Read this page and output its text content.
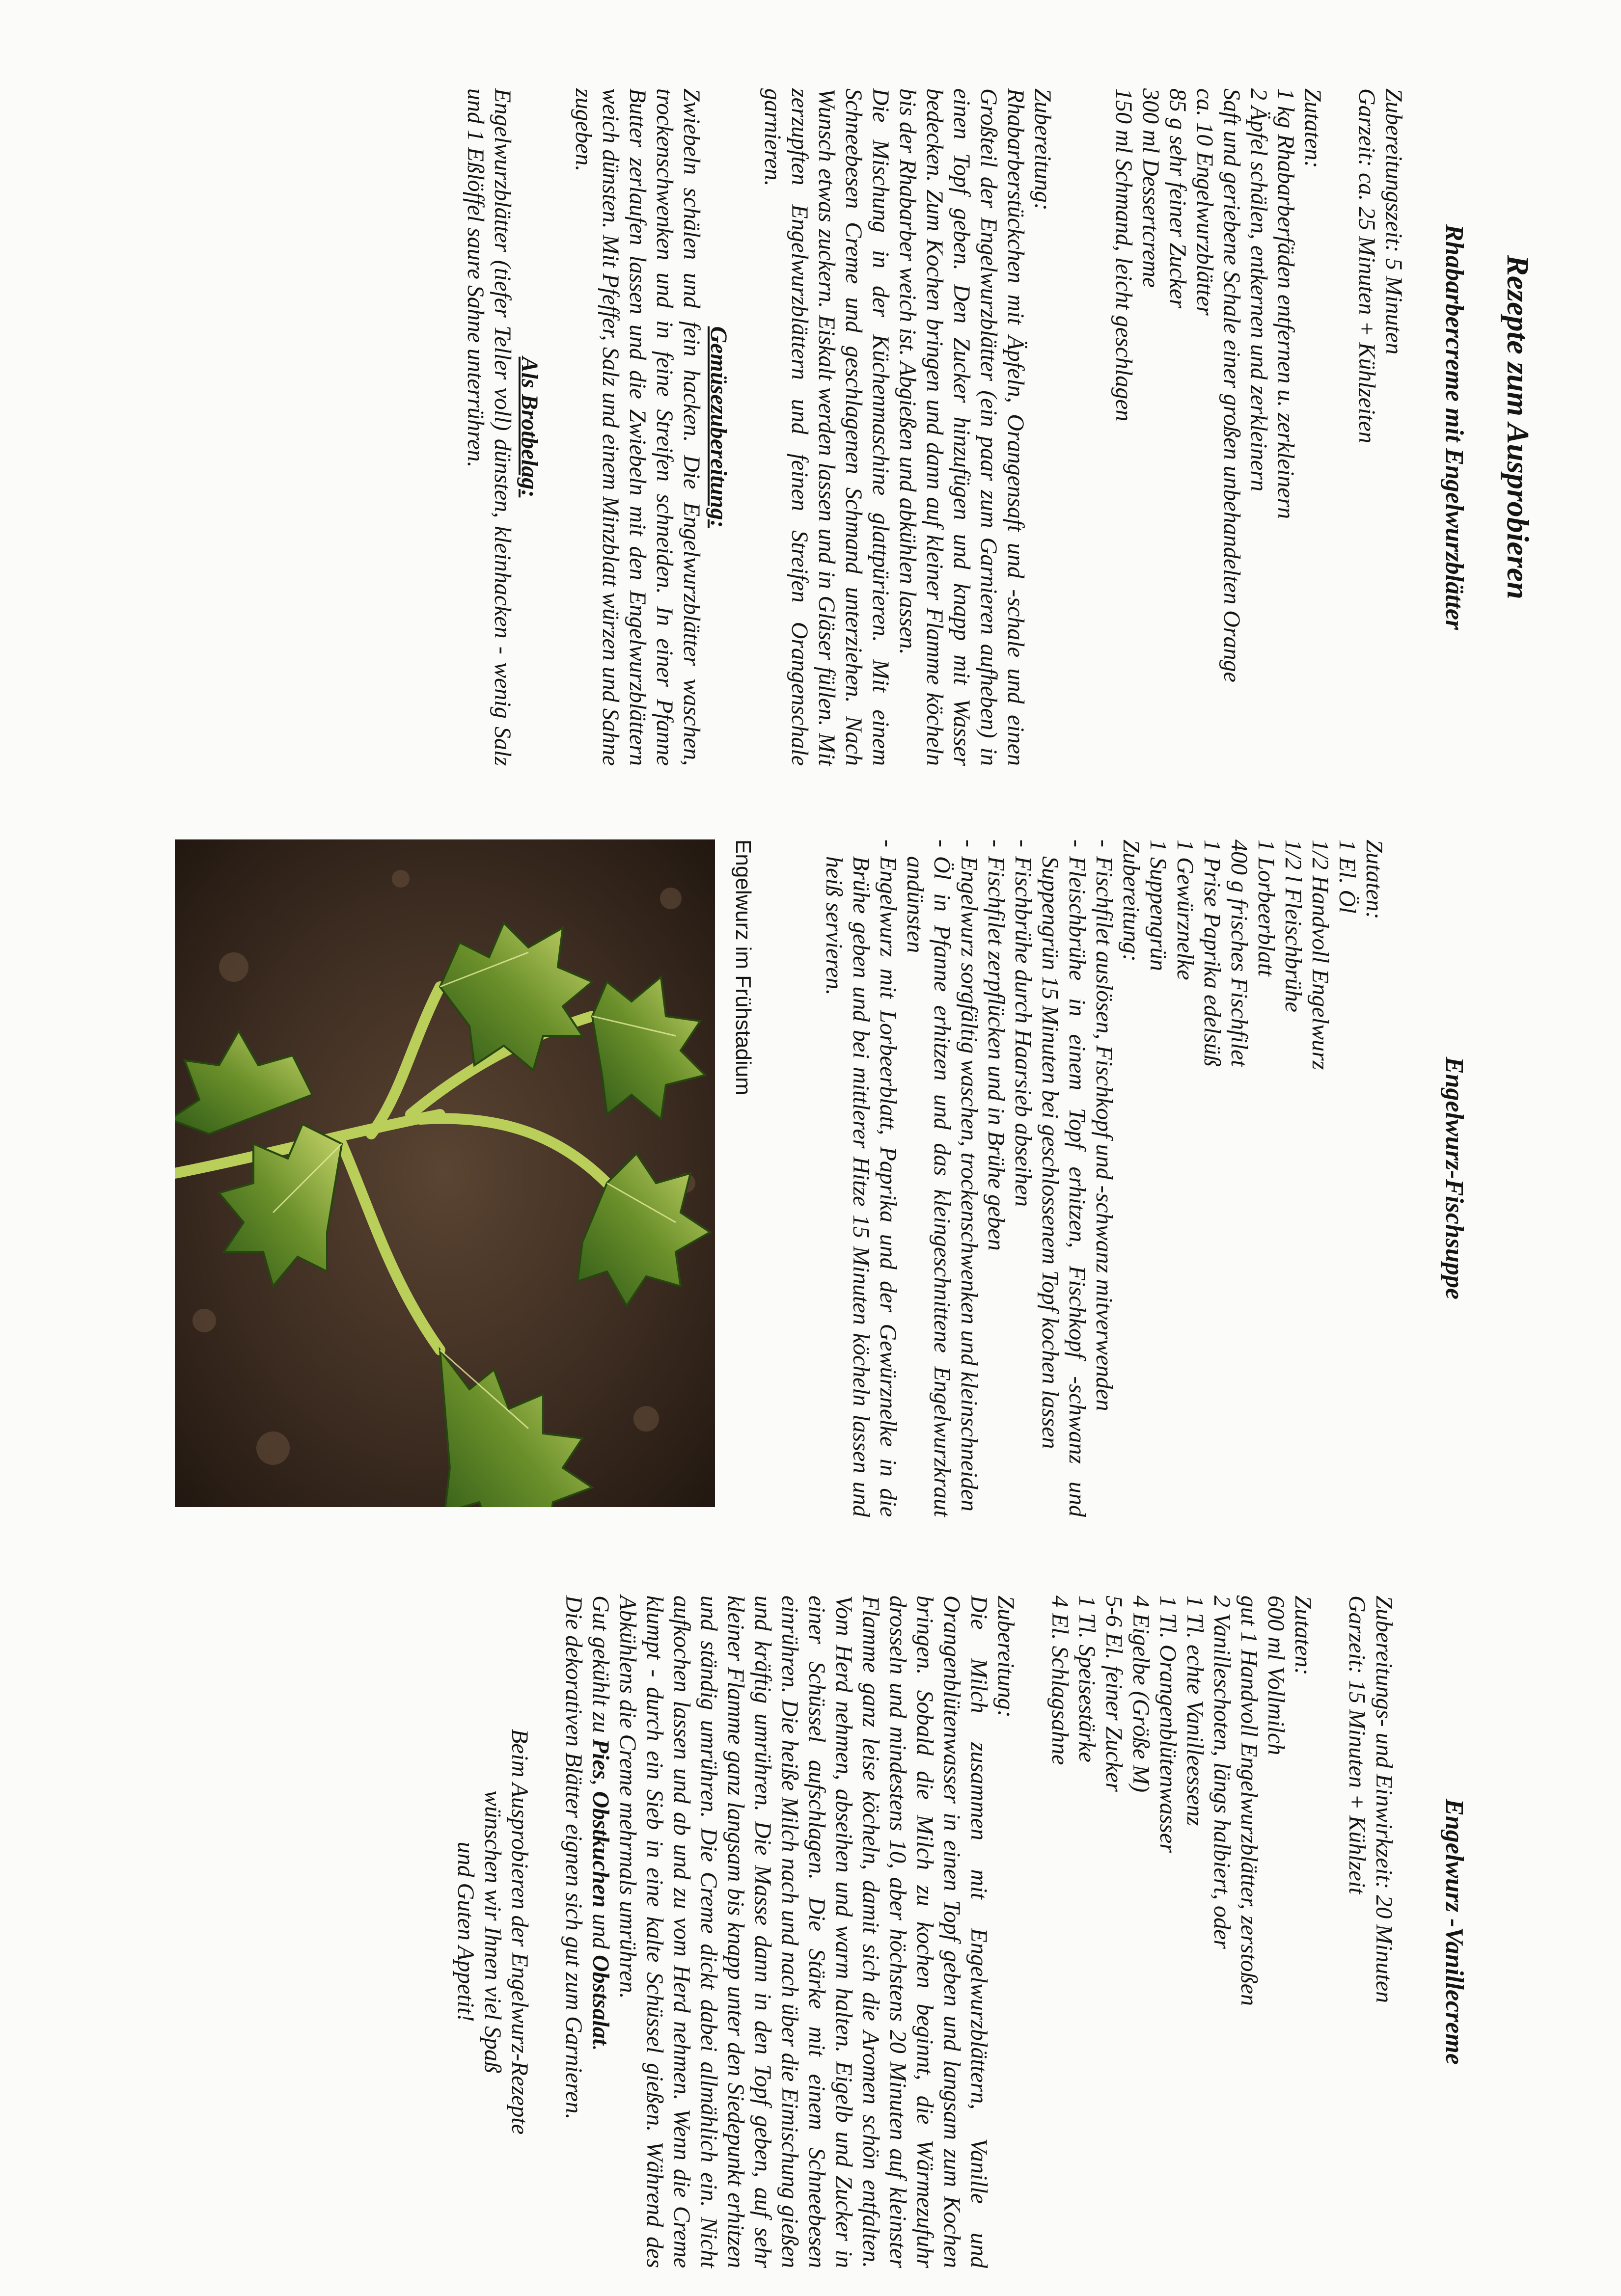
Rezepte zum Ausprobieren
Rhabarbercreme mit Engelwurzblätter

Zubereitungszeit: 5 Minuten

Garzeit: ca. 25 Minuten + Kühlzeiten

Zutaten:

1 kg Rhabarberfäden entfernen u. zerkleinern
2 Äpfel schälen, entkernen und zerkleinern
Saft und geriebene Schale einer großen unbehandelten Orange
ca. 10 Engelwurzblätter
85 g sehr feiner Zucker
300 ml Dessertcreme
150 ml Schmand, leicht geschlagen

Zubereitung:

Rhabarberstückchen mit Äpfeln, Orangensaft und -schale und einen Großteil der Engelwurzblätter (ein paar zum Garnieren aufheben) in einen Topf geben. Den Zucker hinzufügen und knapp mit Wasser bedecken. Zum Kochen bringen und dann auf kleiner Flamme köcheln bis der Rhabarber weich ist. Abgießen und abkühlen lassen.

Die Mischung in der Küchenmaschine glattpürieren. Mit einem Schneebesen Creme und geschlagenen Schmand unterziehen. Nach Wunsch etwas zuckern. Eiskalt werden lassen und in Gläser füllen. Mit zerzupften Engelwurzblättern und feinen Streifen Orangenschale garnieren.

Gemüsezubereitung:

Zwiebeln schälen und fein hacken. Die Engelwurzblätter waschen, trockenschwenken und in feine Streifen schneiden. In einer Pfanne Butter zerlaufen lassen und die Zwiebeln mit den Engelwurzblättern weich dünsten. Mit Pfeffer, Salz und einem Minzblatt würzen und Sahne zugeben.

Als Brotbelag:

Engelwurzblätter (tiefer Teller voll) dünsten, kleinhacken - wenig Salz und 1 Eßlöffel saure Sahne unterrühren.

Engelwurz-Fischsuppe

Zutaten:

1 El. Öl
1/2 Handvoll Engelwurz
1/2 l Fleischbrühe
1 Lorbeerblatt
400 g frisches Fischfilet
1 Prise Paprika edelsüß
1 Gewürznelke
1 Suppengrün

Zubereitung:

- Fischfilet auslösen, Fischkopf und -schwanz mitverwenden
- Fleischbrühe in einem Topf erhitzen, Fischkopf -schwanz und Suppengrün 15 Minuten bei geschlossenem Topf kochen lassen
- Fischbrühe durch Haarsieb abseihen
- Fischfilet zerpflücken und in Brühe geben
- Engelwurz sorgfältig waschen, trockenschwenken und kleinschneiden
- Öl in Pfanne erhitzen und das kleingeschnittene Engelwurzkraut andünsten
- Engelwurz mit Lorbeerblatt, Paprika und der Gewürznelke in die Brühe geben und bei mittlerer Hitze 15 Minuten köcheln lassen und heiß servieren.
Engelwurz im Frühstadium
Engelwurz -Vanillecreme

Zubereitungs- und Einwirkzeit: 20 Minuten

Garzeit: 15 Minuten + Kühlzeit

Zutaten:

600 ml Vollmilch
gut 1 Handvoll Engelwurzblätter, zerstoßen
2 Vanilleschoten, längs halbiert, oder
1 Tl. echte Vanilleessenz
1 Tl. Orangenblütenwasser
4 Eigelbe (Größe M)
5-6 El. feiner Zucker
1 Tl. Speisestärke
4 El. Schlagsahne

Zubereitung:

Die Milch zusammen mit Engelwurzblättern, Vanille und Orangenblütenwasser in einen Topf geben und langsam zum Kochen bringen. Sobald die Milch zu kochen beginnt, die Wärmezufuhr drosseln und mindestens 10, aber höchstens 20 Minuten auf kleinster Flamme ganz leise köcheln, damit sich die Aromen schön entfalten. Vom Herd nehmen, abseihen und warm halten. Eigelb und Zucker in einer Schüssel aufschlagen. Die Stärke mit einem Schneebesen einrühren. Die heiße Milch nach und nach über die Eimischung gießen und kräftig umrühren. Die Masse dann in den Topf geben, auf sehr kleiner Flamme ganz langsam bis knapp unter den Siedepunkt erhitzen und ständig umrühren. Die Creme dickt dabei allmählich ein. Nicht aufkochen lassen und ab und zu vom Herd nehmen. Wenn die Creme klumpt - durch ein Sieb in eine kalte Schüssel gießen. Während des Abkühlens die Creme mehrmals umrühren.

Gut gekühlt zu Pies, Obstkuchen und Obstsalat.

Die dekorativen Blätter eignen sich gut zum Garnieren.

Beim Ausprobieren der Engelwurz-Rezepte

wünschen wir Ihnen viel Spaß

und Guten Appetit!
